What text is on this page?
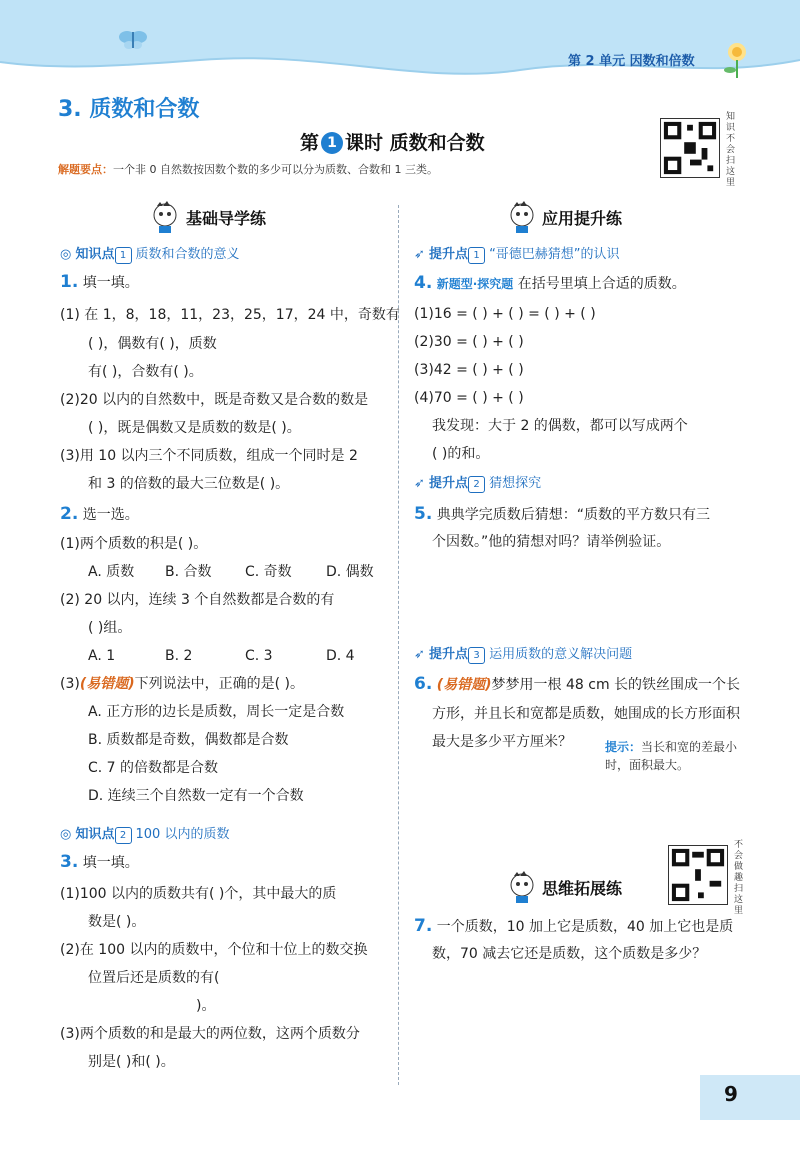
第 2 单元 因数和倍数
3. 质数和合数
第 1 课时 质数和合数
知识不会扫这里
解题要点：一个非 0 自然数按因数个数的多少可以分为质数、合数和 1 三类。
基础导学练
◎ 知识点 1 质数和合数的意义
1. 填一填。
(1) 在 1，8，18，11，23，25，17，24 中，奇数有
( )，偶数有( )，质数
有( )，合数有( )。
(2)20 以内的自然数中，既是奇数又是合数的数是
( )，既是偶数又是质数的数是( )。
(3)用 10 以内三个不同质数，组成一个同时是 2
和 3 的倍数的最大三位数是( )。
2. 选一选。
(1)两个质数的积是( )。
A. 质数 B. 合数 C. 奇数 D. 偶数
(2) 20 以内，连续 3 个自然数都是合数的有
( )组。
A. 1	B. 2	C. 3	D. 4
(3)(易错题)下列说法中，正确的是( )。
A. 正方形的边长是质数，周长一定是合数
B. 质数都是奇数，偶数都是合数
C. 7 的倍数都是合数
D. 连续三个自然数一定有一个合数
◎ 知识点 2 100 以内的质数
3. 填一填。
(1)100 以内的质数共有( )个，其中最大的质
数是( )。
(2)在 100 以内的质数中，个位和十位上的数交换
位置后还是质数的有(
)。
(3)两个质数的和是最大的两位数，这两个质数分
别是( )和( )。
应用提升练
➶ 提升点 1 “哥德巴赫猜想”的认识
4. 新题型·探究题 在括号里填上合适的质数。
(1)16 = ( ) + ( ) = ( ) + ( )
(2)30 = ( ) + ( )
(3)42 = ( ) + ( )
(4)70 = ( ) + ( )
我发现：大于 2 的偶数，都可以写成两个
( )的和。
➶ 提升点 2 猜想探究
5. 典典学完质数后猜想：“质数的平方数只有三
个因数。”他的猜想对吗？请举例验证。
➶ 提升点 3 运用质数的意义解决问题
6. (易错题)梦梦用一根 48 cm 长的铁丝围成一个长
方形，并且长和宽都是质数，她围成的长方形面积
最大是多少平方厘米？	提示：当长和宽的差最小时，面积最大。
不会做趣扫这里
思维拓展练
7. 一个质数，10 加上它是质数，40 加上它也是质
数，70 减去它还是质数，这个质数是多少？
9
